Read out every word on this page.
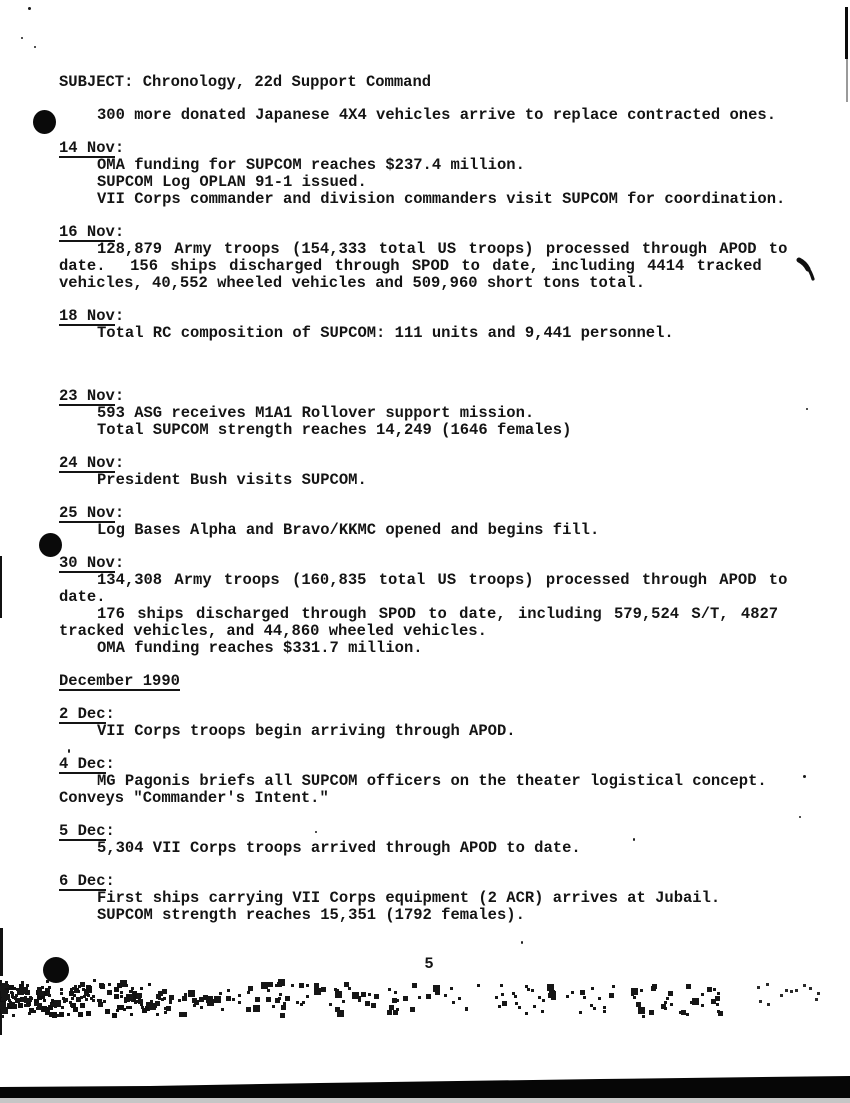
SUBJECT: Chronology, 22d Support Command
300 more donated Japanese 4X4 vehicles arrive to replace contracted ones.
14 Nov:
OMA funding for SUPCOM reaches $237.4 million.
SUPCOM Log OPLAN 91-1 issued.
VII Corps commander and division commanders visit SUPCOM for coordination.
16 Nov:
128,879 Army troops (154,333 total US troops) processed through APOD to
date.  156 ships discharged through SPOD to date, including 4414 tracked
vehicles, 40,552 wheeled vehicles and 509,960 short tons total.
18 Nov:
Total RC composition of SUPCOM: 111 units and 9,441 personnel.
23 Nov:
593 ASG receives M1A1 Rollover support mission.
Total SUPCOM strength reaches 14,249 (1646 females)
24 Nov:
President Bush visits SUPCOM.
25 Nov:
Log Bases Alpha and Bravo/KKMC opened and begins fill.
30 Nov:
134,308 Army troops (160,835 total US troops) processed through APOD to
date.
176 ships discharged through SPOD to date, including 579,524 S/T, 4827
tracked vehicles, and 44,860 wheeled vehicles.
OMA funding reaches $331.7 million.
December 1990
2 Dec:
VII Corps troops begin arriving through APOD.
4 Dec:
MG Pagonis briefs all SUPCOM officers on the theater logistical concept.
Conveys "Commander's Intent."
5 Dec:
5,304 VII Corps troops arrived through APOD to date.
6 Dec:
First ships carrying VII Corps equipment (2 ACR) arrives at Jubail.
SUPCOM strength reaches 15,351 (1792 females).
5
